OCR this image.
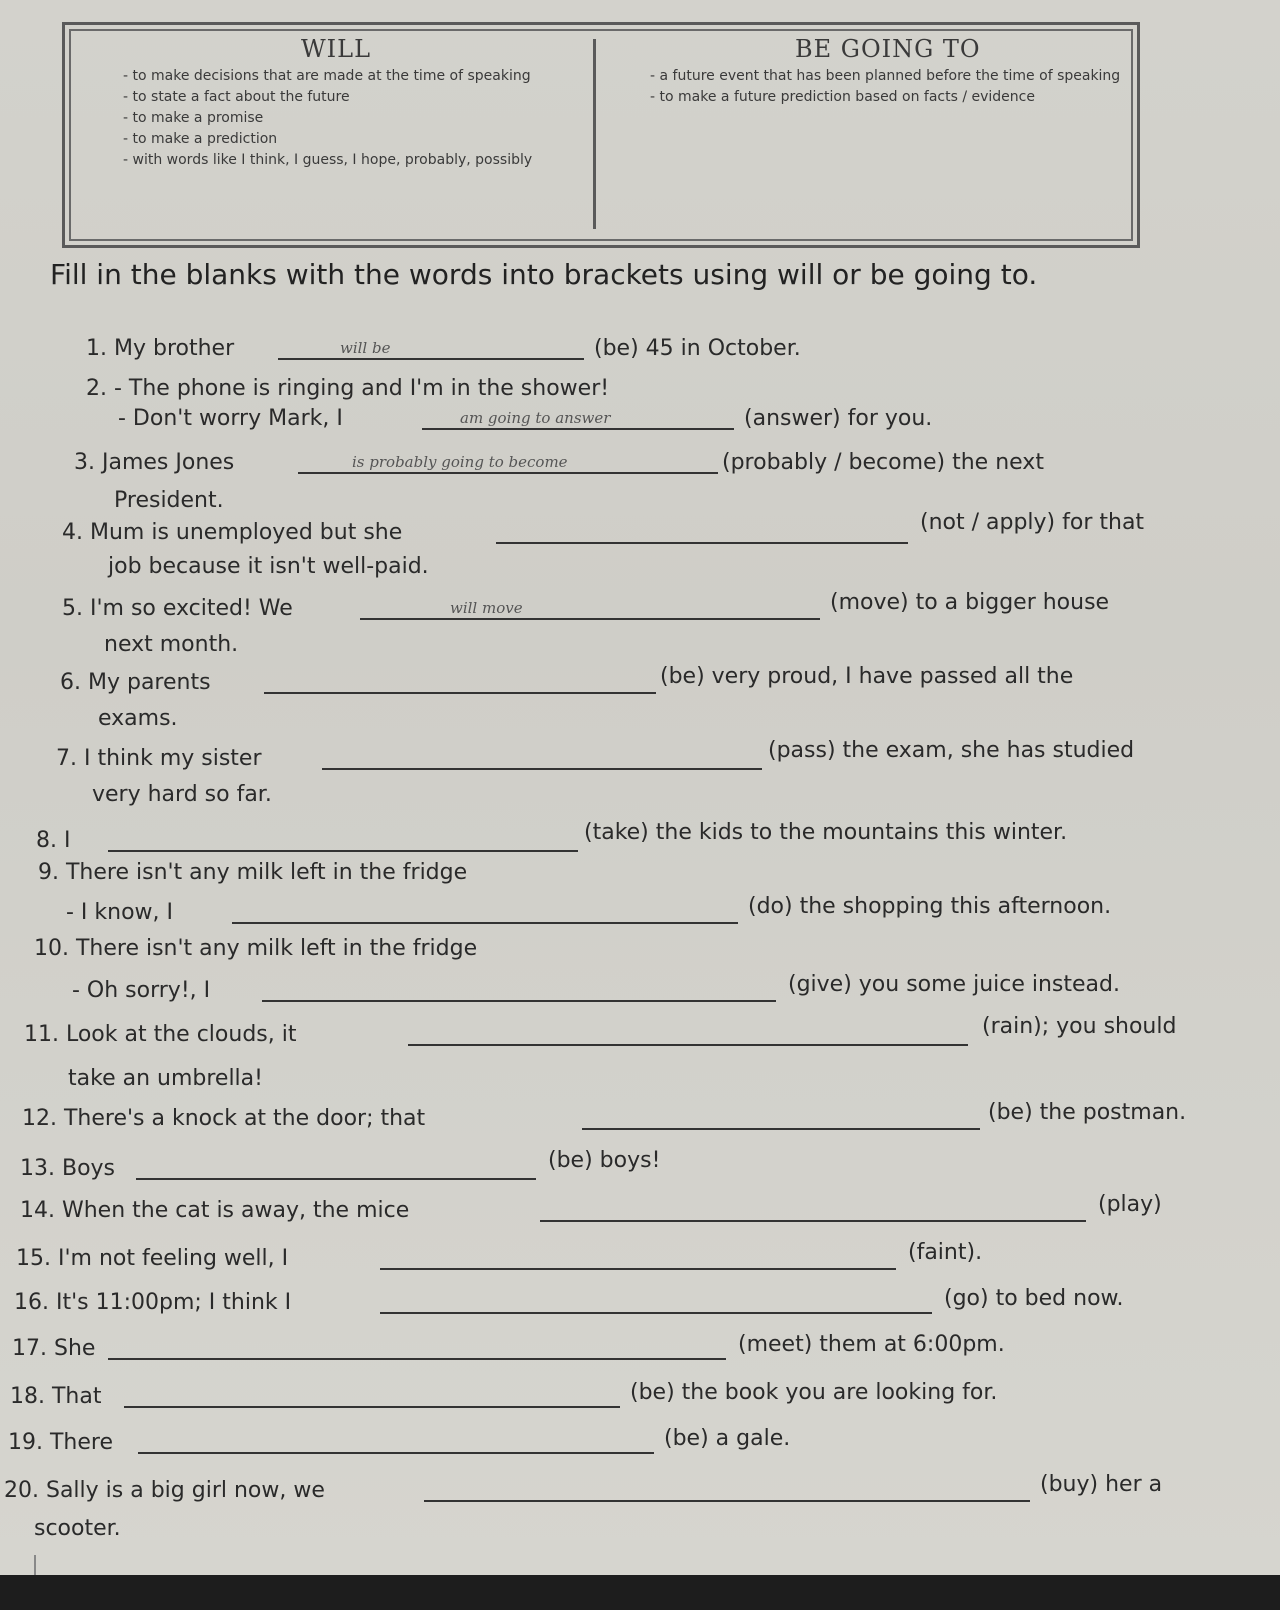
WILL
- to make decisions that are made at the time of speaking
- to state a fact about the future
- to make a promise
- to make a prediction
- with words like I think, I guess, I hope, probably, possibly
BE GOING TO
- a future event that has been planned before the time of speaking
- to make a future prediction based on facts / evidence
Fill in the blanks with the words into brackets using will or be going to.
1. My brother	will be	(be) 45 in October.
2. - The phone is ringing and I'm in the shower!
- Don't worry Mark, I	am going to answer	(answer) for you.
3. James Jones	is probably going to become	(probably / become) the next
President.
4. Mum is unemployed but she	(not / apply) for that
job because it isn't well-paid.
5. I'm so excited! We	will move	(move) to a bigger house
next month.
6. My parents	(be) very proud, I have passed all the
exams.
7. I think my sister	(pass) the exam, she has studied
very hard so far.
8. I	(take) the kids to the mountains this winter.
9. There isn't any milk left in the fridge
- I know, I	(do) the shopping this afternoon.
10. There isn't any milk left in the fridge
- Oh sorry!, I	(give) you some juice instead.
11. Look at the clouds, it	(rain); you should
take an umbrella!
12. There's a knock at the door; that	(be) the postman.
13. Boys	(be) boys!
14. When the cat is away, the mice	(play)
15. I'm not feeling well, I	(faint).
16. It's 11:00pm; I think I	(go) to bed now.
17. She	(meet) them at 6:00pm.
18. That	(be) the book you are looking for.
19. There	(be) a gale.
20. Sally is a big girl now, we	(buy) her a
scooter.
